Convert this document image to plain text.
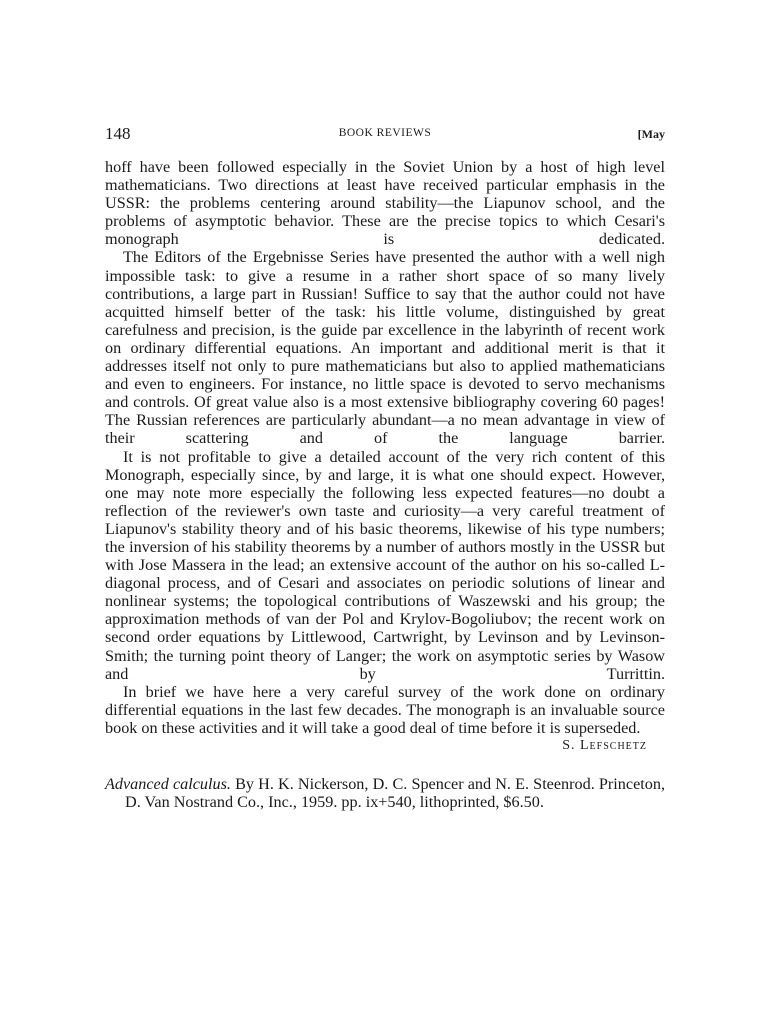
148	BOOK REVIEWS	[May

hoff have been followed especially in the Soviet Union by a host of high level mathematicians. Two directions at least have received particular emphasis in the USSR: the problems centering around stability—the Liapunov school, and the problems of asymptotic behavior. These are the precise topics to which Cesari's monograph is dedicated.

The Editors of the Ergebnisse Series have presented the author with a well nigh impossible task: to give a resume in a rather short space of so many lively contributions, a large part in Russian! Suffice to say that the author could not have acquitted himself better of the task: his little volume, distinguished by great carefulness and precision, is the guide par excellence in the labyrinth of recent work on ordinary differential equations. An important and additional merit is that it addresses itself not only to pure mathematicians but also to applied mathematicians and even to engineers. For instance, no little space is devoted to servo mechanisms and controls. Of great value also is a most extensive bibliography covering 60 pages! The Russian references are particularly abundant—a no mean advantage in view of their scattering and of the language barrier.

It is not profitable to give a detailed account of the very rich content of this Monograph, especially since, by and large, it is what one should expect. However, one may note more especially the following less expected features—no doubt a reflection of the reviewer's own taste and curiosity—a very careful treatment of Liapunov's stability theory and of his basic theorems, likewise of his type numbers; the inversion of his stability theorems by a number of authors mostly in the USSR but with Jose Massera in the lead; an extensive account of the author on his so-called L-diagonal process, and of Cesari and associates on periodic solutions of linear and nonlinear systems; the topological contributions of Waszewski and his group; the approximation methods of van der Pol and Krylov-Bogoliubov; the recent work on second order equations by Littlewood, Cartwright, by Levinson and by Levinson-Smith; the turning point theory of Langer; the work on asymptotic series by Wasow and by Turrittin.

In brief we have here a very careful survey of the work done on ordinary differential equations in the last few decades. The monograph is an invaluable source book on these activities and it will take a good deal of time before it is superseded.

S. Lefschetz

Advanced calculus. By H. K. Nickerson, D. C. Spencer and N. E. Steenrod. Princeton, D. Van Nostrand Co., Inc., 1959. pp. ix+540, lithoprinted, $6.50.
